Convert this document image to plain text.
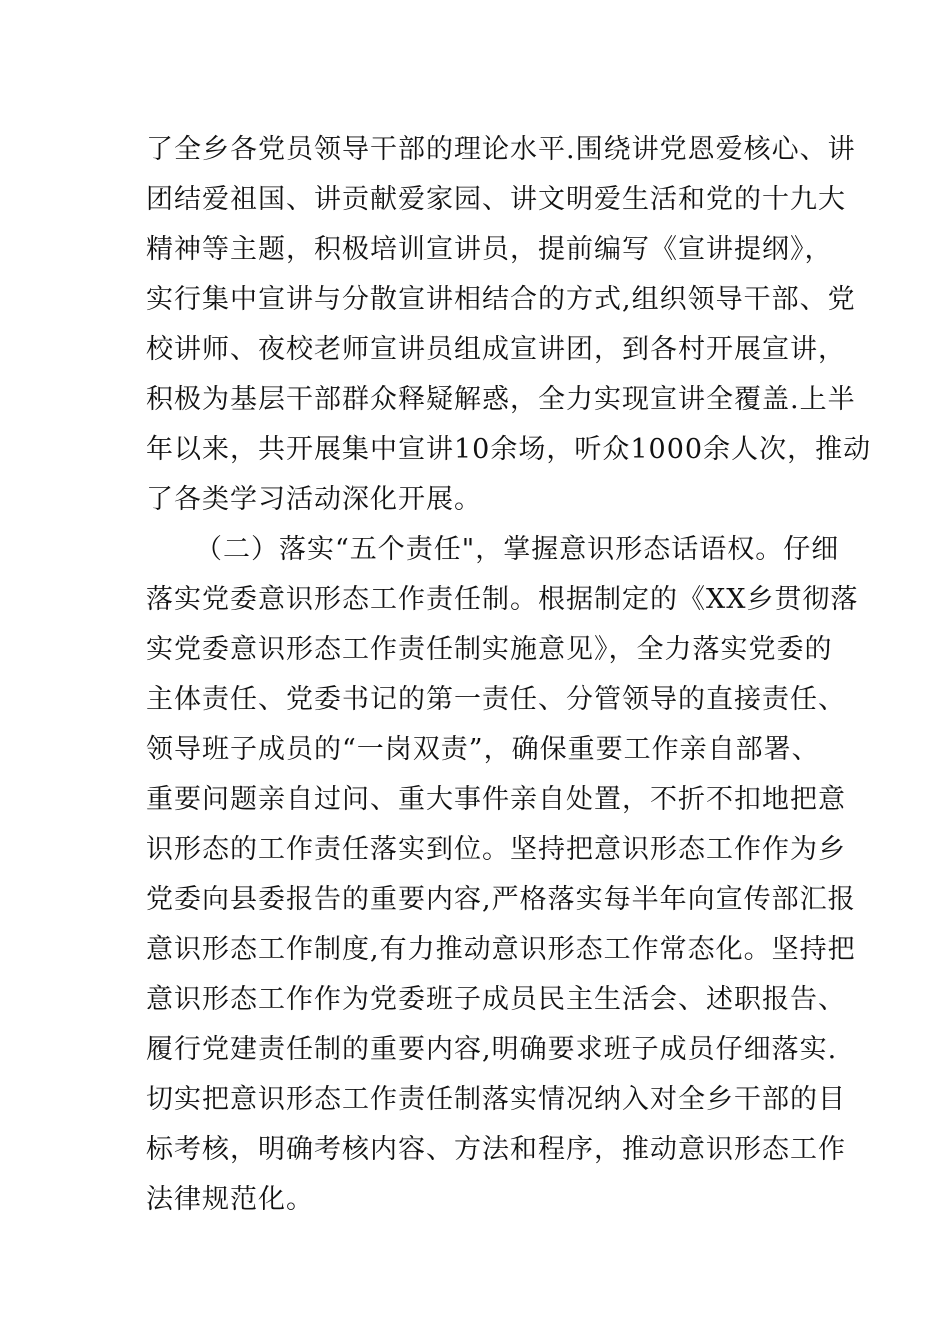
了全乡各党员领导干部的理论水平.围绕讲党恩爱核心、讲
团结爱祖国、讲贡献爱家园、讲文明爱生活和党的十九大
精神等主题，积极培训宣讲员，提前编写《宣讲提纲》，
实行集中宣讲与分散宣讲相结合的方式,组织领导干部、党
校讲师、夜校老师宣讲员组成宣讲团，到各村开展宣讲，
积极为基层干部群众释疑解惑，全力实现宣讲全覆盖.上半
年以来，共开展集中宣讲10余场，听众1000余人次，推动
了各类学习活动深化开展。
（二）落实“五个责任"，掌握意识形态话语权。仔细
落实党委意识形态工作责任制。根据制定的《XX乡贯彻落
实党委意识形态工作责任制实施意见》，全力落实党委的
主体责任、党委书记的第一责任、分管领导的直接责任、
领导班子成员的“一岗双责”，确保重要工作亲自部署、
重要问题亲自过问、重大事件亲自处置，不折不扣地把意
识形态的工作责任落实到位。坚持把意识形态工作作为乡
党委向县委报告的重要内容,严格落实每半年向宣传部汇报
意识形态工作制度,有力推动意识形态工作常态化。坚持把
意识形态工作作为党委班子成员民主生活会、述职报告、
履行党建责任制的重要内容,明确要求班子成员仔细落实.
切实把意识形态工作责任制落实情况纳入对全乡干部的目
标考核，明确考核内容、方法和程序，推动意识形态工作
法律规范化。
